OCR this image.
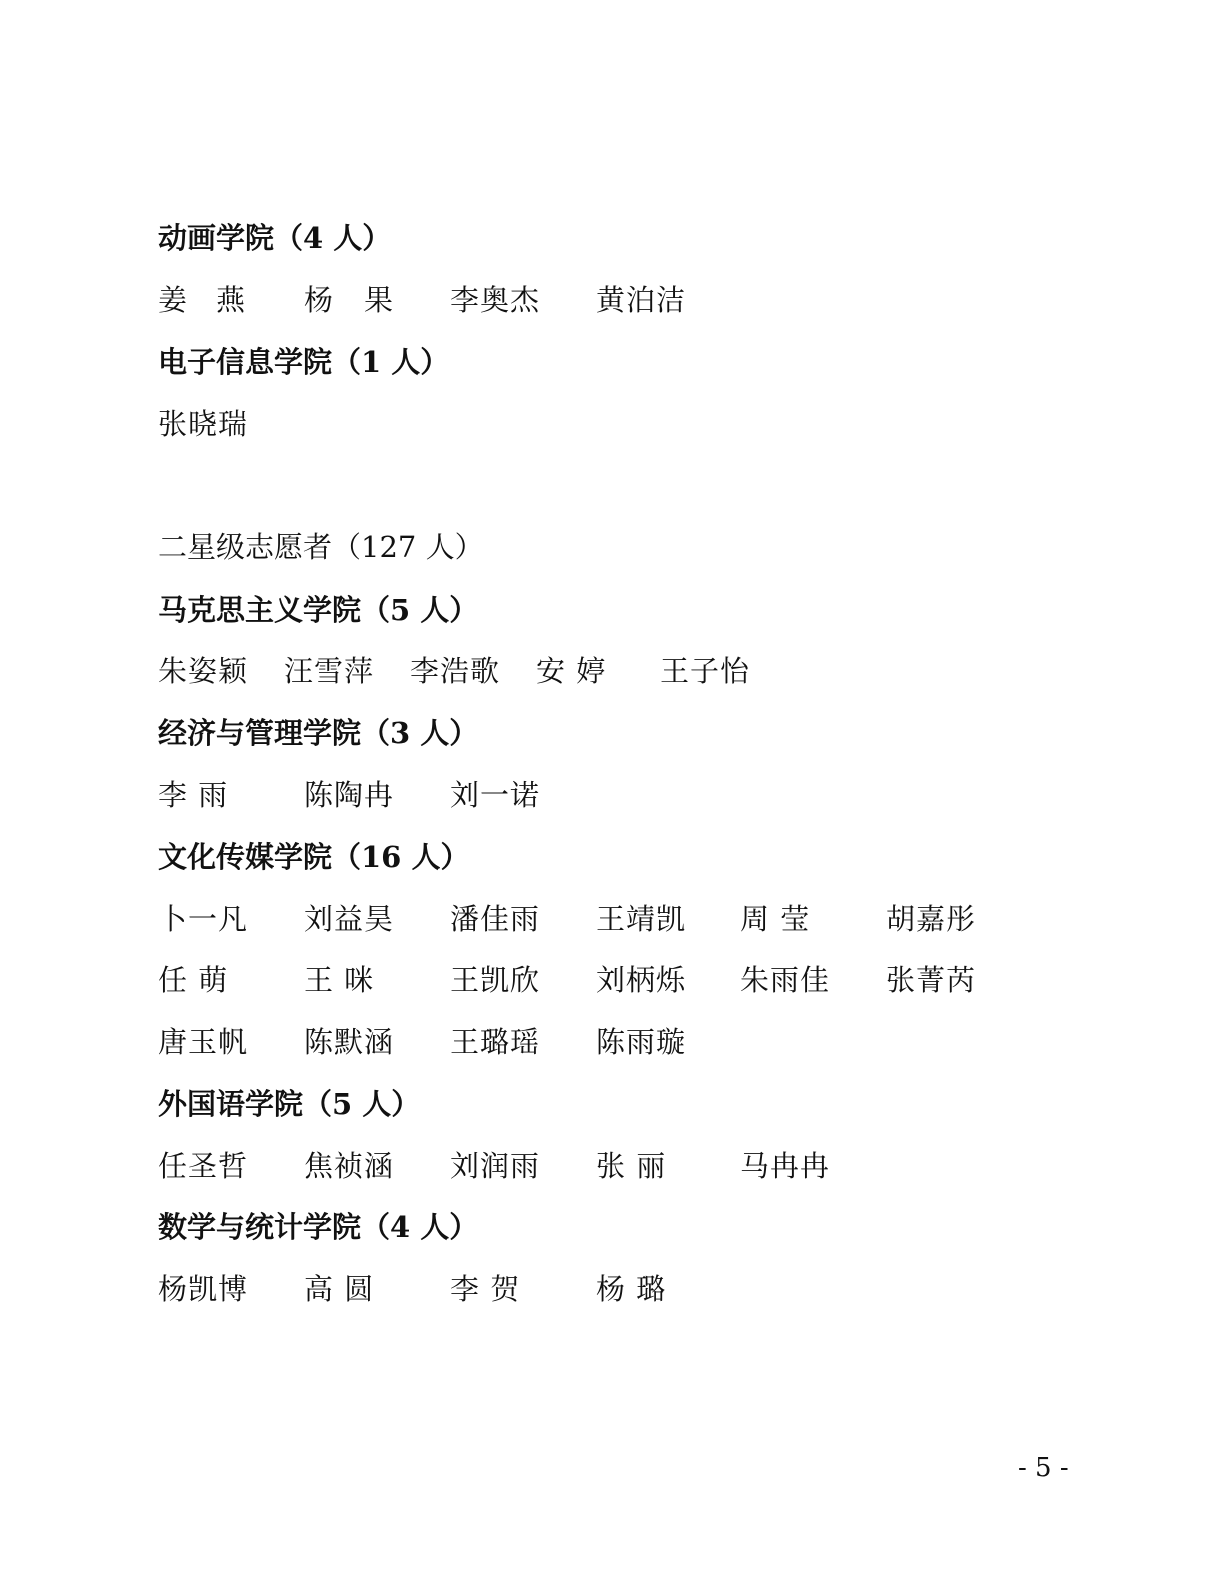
动画学院（4 人）
姜 燕 杨 果 李奥杰 黄泊洁
电子信息学院（1 人）
张晓瑞
二星级志愿者（127 人）
马克思主义学院（5 人）
朱姿颖 汪雪萍 李浩歌 安 婷 王子怡
经济与管理学院（3 人）
李 雨	陈陶冉 刘一诺
文化传媒学院（16 人）
卜一凡 刘益昊 潘佳雨 王靖凯 周 莹	胡嘉彤
任 萌	王 咪	王凯欣 刘柄烁 朱雨佳 张菁芮
唐玉帆 陈默涵 王璐瑶 陈雨璇
外国语学院（5 人）
任圣哲 焦祯涵 刘润雨 张 丽	马冉冉
数学与统计学院（4 人）
杨凯博 高 圆	李 贺	杨 璐
- 5 -
